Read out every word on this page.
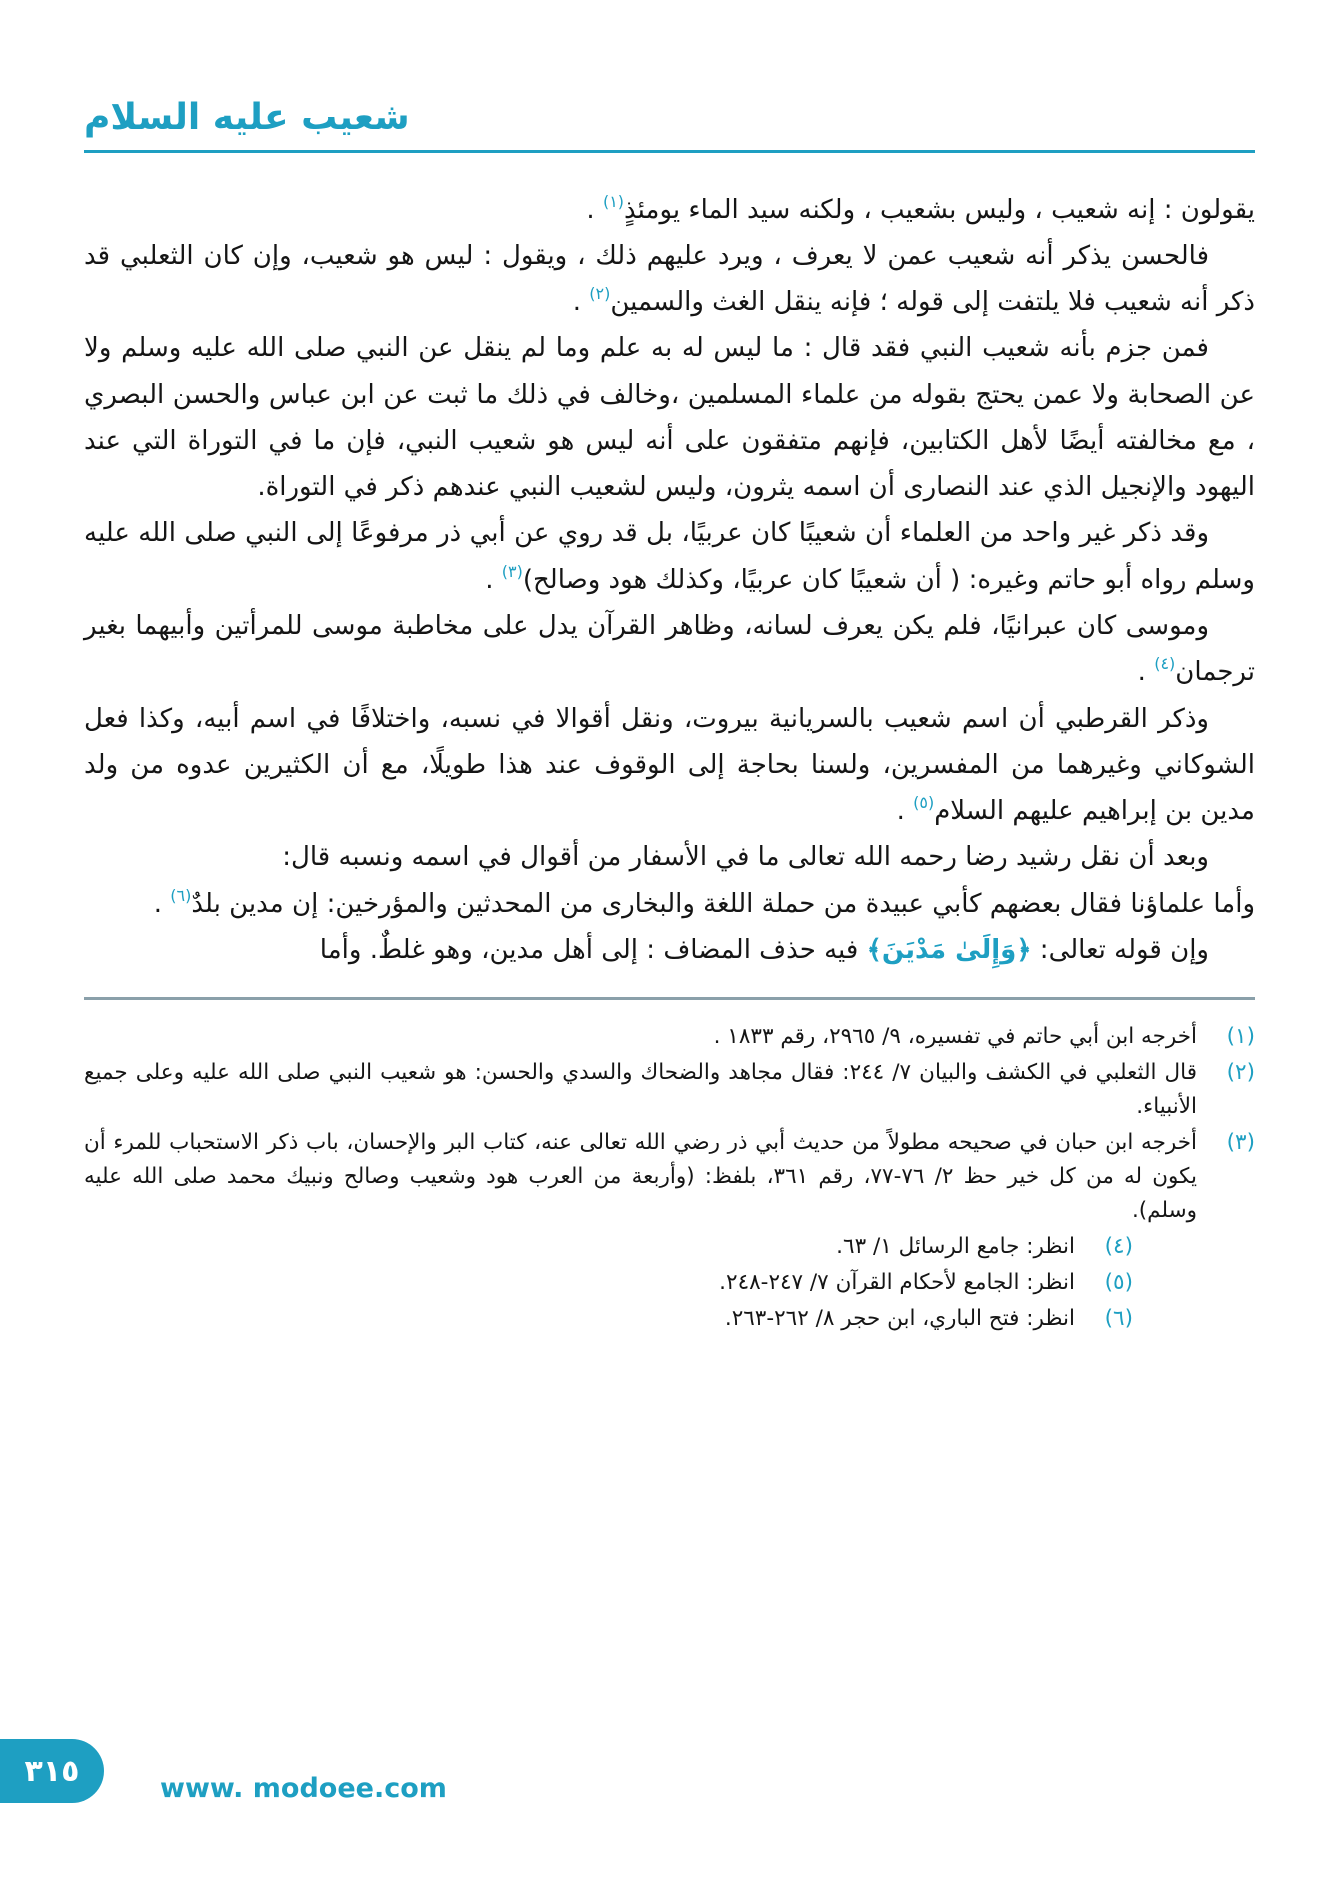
شعيب عليه السلام

يقولون : إنه شعيب ، وليس بشعيب ، ولكنه سيد الماء يومئذٍ$^{(١)}$ .

فالحسن يذكر أنه شعيب عمن لا يعرف ، ويرد عليهم ذلك ، ويقول : ليس هو شعيب، وإن كان الثعلبي قد ذكر أنه شعيب فلا يلتفت إلى قوله ؛ فإنه ينقل الغث والسمين$^{(٢)}$ .

فمن جزم بأنه شعيب النبي فقد قال : ما ليس له به علم وما لم ينقل عن النبي صلى الله عليه وسلم ولا عن الصحابة ولا عمن يحتج بقوله من علماء المسلمين ،وخالف في ذلك ما ثبت عن ابن عباس والحسن البصري ، مع مخالفته أيضًا لأهل الكتابين، فإنهم متفقون على أنه ليس هو شعيب النبي، فإن ما في التوراة التي عند اليهود والإنجيل الذي عند النصارى أن اسمه يثرون، وليس لشعيب النبي عندهم ذكر في التوراة.

وقد ذكر غير واحد من العلماء أن شعيبًا كان عربيًا، بل قد روي عن أبي ذر مرفوعًا إلى النبي صلى الله عليه وسلم رواه أبو حاتم وغيره: ( أن شعيبًا كان عربيًا، وكذلك هود وصالح)$^{(٣)}$ .

وموسى كان عبرانيًا، فلم يكن يعرف لسانه، وظاهر القرآن يدل على مخاطبة موسى للمرأتين وأبيهما بغير ترجمان$^{(٤)}$ .

وذكر القرطبي أن اسم شعيب بالسريانية بيروت، ونقل أقوالا في نسبه، واختلافًا في اسم أبيه، وكذا فعل الشوكاني وغيرهما من المفسرين، ولسنا بحاجة إلى الوقوف عند هذا طويلًا، مع أن الكثيرين عدوه من ولد مدين بن إبراهيم عليهم السلام$^{(٥)}$ .

وبعد أن نقل رشيد رضا رحمه الله تعالى ما في الأسفار من أقوال في اسمه ونسبه قال:

وأما علماؤنا فقال بعضهم كأبي عبيدة من حملة اللغة والبخارى من المحدثين والمؤرخين: إن مدين بلدٌ$^{(٦)}$ .

وإن قوله تعالى: ﴿وَإِلَىٰ مَدْيَنَ﴾ فيه حذف المضاف : إلى أهل مدين، وهو غلطٌ. وأما

(١)
أخرجه ابن أبي حاتم في تفسيره، ٩/ ٢٩٦٥، رقم ١٨٣٣ .
(٢)
قال الثعلبي في الكشف والبيان ٧/ ٢٤٤: فقال مجاهد والضحاك والسدي والحسن: هو شعيب النبي صلى الله عليه وعلى جميع الأنبياء.
(٣)
أخرجه ابن حبان في صحيحه مطولاً من حديث أبي ذر رضي الله تعالى عنه، كتاب البر والإحسان، باب ذكر الاستحباب للمرء أن يكون له من كل خير حظ ٢/ ٧٦-٧٧، رقم ٣٦١، بلفظ: (وأربعة من العرب هود وشعيب وصالح ونبيك محمد صلى الله عليه وسلم).
(٤)
انظر: جامع الرسائل ١/ ٦٣.
(٥)
انظر: الجامع لأحكام القرآن ٧/ ٢٤٧-٢٤٨.
(٦)
انظر: فتح الباري، ابن حجر ٨/ ٢٦٢-٢٦٣.
٣١٥	www. modoee.com
